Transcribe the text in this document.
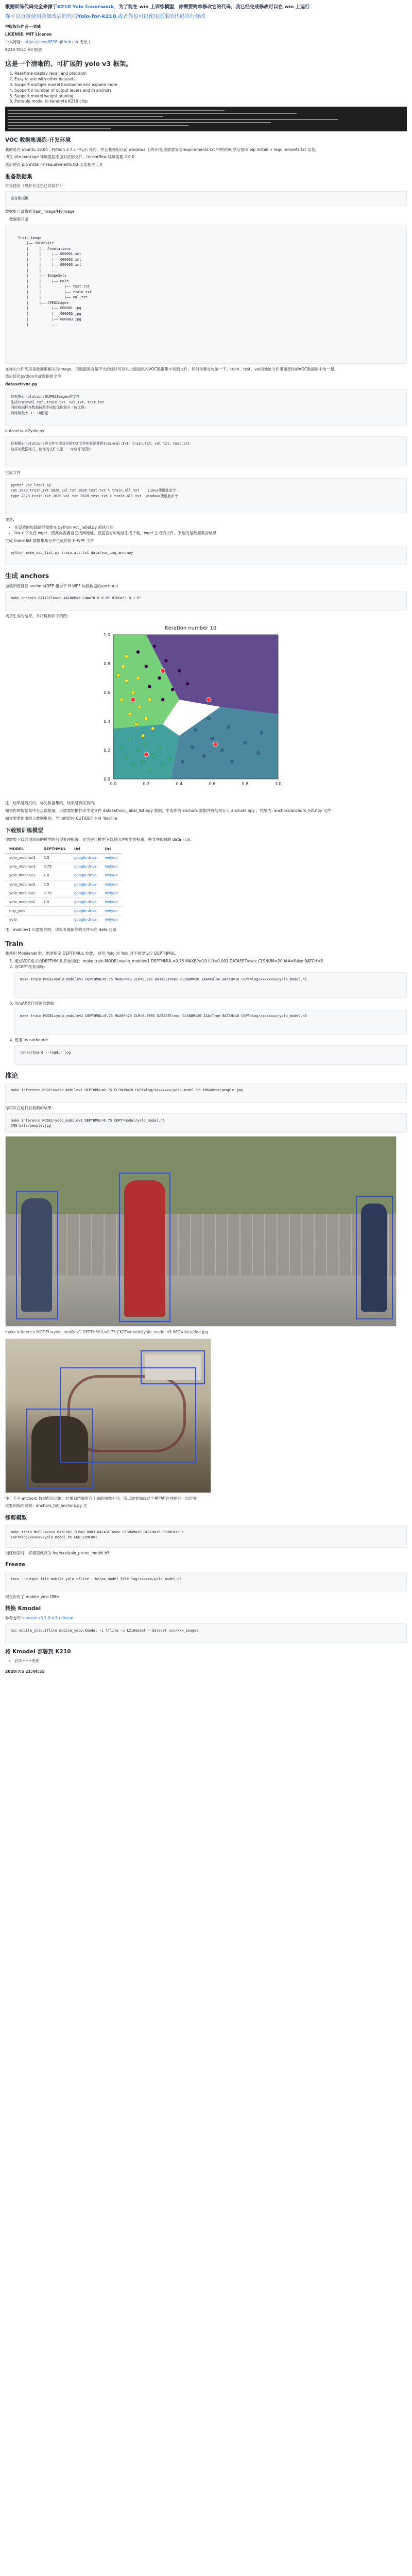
根据训练代码完全来源于K210 Yolo framework，为了能在 win 上训练模型，你需要简单修改它的代码，我已经完成修改可以在 win 上运行
你可以直接使用我修改后的代码Yolo-for-k210,或者你也可以使用原来的代码自行修改

中版权归作者---刘威

LICENSE: MIT License

个人博客：https://zhen8838.github.io/( 无效 )

K210 YOLO V3 框架

这是一个清晰的、可扩展的 yolo v3 框架。
1. Real-time display recall and precision
2. Easy to use with other datasets
3. Support multiple model backbones and expand more
4. Support n number of output layers and m anchors
5. Support model weight pruning
6. Portable model to kendryte K210 chip
VOC 数据集训练-开发环境

我的是在 ubuntu 18.04 , Python 3.7.1 中运行我的，并且我使用以前 windows 上的环境,你需要安装requirements.txt 中的依赖 然后按照 pip install -r requirements.txt 安装。

请在 site-package 环境里面添加对应的文件，tensorflow 环境需要 2.0.0

然后使用 pip install -r requirements.txt 安装相关工具

准备数据集

首先使用（最好在这里已经装好）：

准备数据集

数据集目录格式Train_Image/MyImage

数据集目录

Train_Image
|—— VOCdevkit
|     |—— Annotations
|     |     |—— 000001.xml
|     |     |—— 000002.xml
|     |     |—— 000003.xml
|     |     ...
|     |—— ImageSets
|     |     |—— Main
|     |           |—— test.txt
|     |           |—— train.txt
|     |           |—— val.txt
|     |—— JPEGImages
|           |—— 000001.jpg
|           |—— 000002.jpg
|           |—— 000003.jpg
|           ...

在你的文件夹里是数据集相关的Image，但数据集合是不大的建议可以从上面提供的VOC数据集中找到文件，同时你要在电脑一下、train、test、val的地址文件里面把你的VOC数据集中的一起。

然后使用python生成数据的文件

dataset/voc.py

仅根据annotations和JPEGImages的文件
生成trainval.txt、train.txt、val.txt、test.txt
同时根据样本数据按照不同的比例划分（按比例）
训练集最少 1: 10配置

dataset/voc2yolo.py

仅根据annotations的文件生成对应的txt文件先检测要把trainval.txt、train.txt、val.txt、test.txt
这样的数据格式，使你的文件夹是一一对应好的图片

生成文件

python voc_label.py
cat 2020_train.txt 2020_val.txt 2020_test.txt > train.all.txt    Linux使用此命令
type 2020_train.txt 2020_val.txt 2020_test.txt > train.all.txt  windows使用此命令

注意:

• 在设置的加载路径需要在 python voc_label.py 前执行的
• linux 下支持 wget，因此你需要自己找到地址，根据官方的地址生成下载，wget 生成的文件，下载的是数据集合路径

生成 make list 数据集路径并生成你的 H-WPF 文件

python make_voc_list.py train.all.txt data/voc_img_ann.npy
生成 anchors

加载训练目标 anchors(DEF 相当于 H-WPF 加载数据的anchors)

make anchors DATASET=voc ANCNUM=3 LOW="0.0 0.0" HIGH="1.0 1.0"

成功生成的结果，并将得到如下的图：

Iteration number 10
0.0	0.2	0.4	0.6	0.8	1.0
0.0
0.2
0.4
0.6
0.8
1.0

注：结果是随机的，你的数据集的，结果是有区别的。

如果你的数据集中心点数据量，只需要根据样本生成文件 dataset/voc_label_list.npy 数据，生成你的 anchors 数据并将结果存入 anchors.npy ，结果为: anchors/anchors_list.npy 文件

如果要要使用较大数据集的，导出的值将 CUT/DEF 生成 YoloFile

下载预训练模型

你需要下载的预训练的模型的前预处理配置，是为够让模型下载利用对模型的权重，把文件传输的 data 目录。

MODEL	DEPTHMUL	Url	Url
yolo_mobilev1	0.5	google drive	weiyun
yolo_mobilev1	0.75	google drive	weiyun
yolo_mobilev1	1.0	google drive	weiyun
yolo_mobilev2	0.5	google drive	weiyun
yolo_mobilev2	0.75	google drive	weiyun
yolo_mobilev2	1.0	google drive	weiyun
tiny_yolo		google drive	weiyun
yolo		google drive	weiyun

注：mobilev1 只需要你的，请参考确保你的文件夹在 data 目录

Train

我使用 Mobilenet 时，需要指定 DEPTHMUL 参数， 使用 Yolo 的 Yolo 时不需要设定 DEPTHMUL

1. 通过VOC格式的DEPTHMUL开始训练：make train MODEL=yolo_mobilev1 DEPTHMUL=0.75 MAXEP=10 ILR=0.001 DATASET=voc CLSNUM=20 IAA=False BATCH=8
2. 用CKPT检查训练：
make train MODEL=yolo_mobilev1 DEPTHMUL=0.75 MAXEP=10 ILR=0.001 DATASET=voc CLSNUM=20 IAA=False BATCH=16 CKPT=log/xxxxxxxx/yolo_model.h5
3. 用mAP迭代预测的数据：
make train MODEL=yolo_mobilev1 DEPTHMUL=0.75 MAXEP=20 ILR=0.0005 DATASET=voc CLSNUM=20 IAA=True BATCH=16 CKPT=log/xxxxxxxx/yolo_model.h5
4. 使用 tensorboard：
tensorboard --logdir log
推论
make inference MODEL=yolo_mobilev1 DEPTHMUL=0.75 CLSNUM=20 CKPT=log/xxxxxxxx/yolo_model.h5 IMG=data/people.jpg

你可以在运行后看到的结果:

make inference MODEL=yolo_mobilev1 DEPTHMUL=0.75 CKPT=model/yolo_model.h5
IMG=data/people.jpg

make inference MODEL=yolo_mobilev1 DEPTHMUL=0.75 CKPT=model/yolo_model.h5 IMG=data/dog.jpg

注：若平 anchors 数据所总比例，结果到结果所有上面的图像不同，所以需要加载这个模型所在你的的一组位置。

重要训练的时候：anchors_txt_anchors.py 文

修剪模型
make train MODEL=xxxx MAXEP=1 ILR=0.0003 DATASET=voc CLSNUM=20 BATCH=16 PRUNE=True
CKPT=log/xxxxxx/yolo_model.h5 END_EPOCH=1

训练结束时，将模型保存为 log/xxx/yolo_prune_model.h5

Freeze
toco --output_file mobile_yolo.tflite --keras_model_file log/xxxxxx/yolo_model.h5

现在你有了 mobile_yolo.tflite

转换 Kmodel

参考仓库: nncase v0.1.0-rc5 release

ncc mobile_yolo.tflite mobile_yolo.kmodel -i tflite -o k210model --dataset xxx/xxx_images
将 Kmodel 部署到 K210
• 后续+++更新
2020/7/5 21:44:55
